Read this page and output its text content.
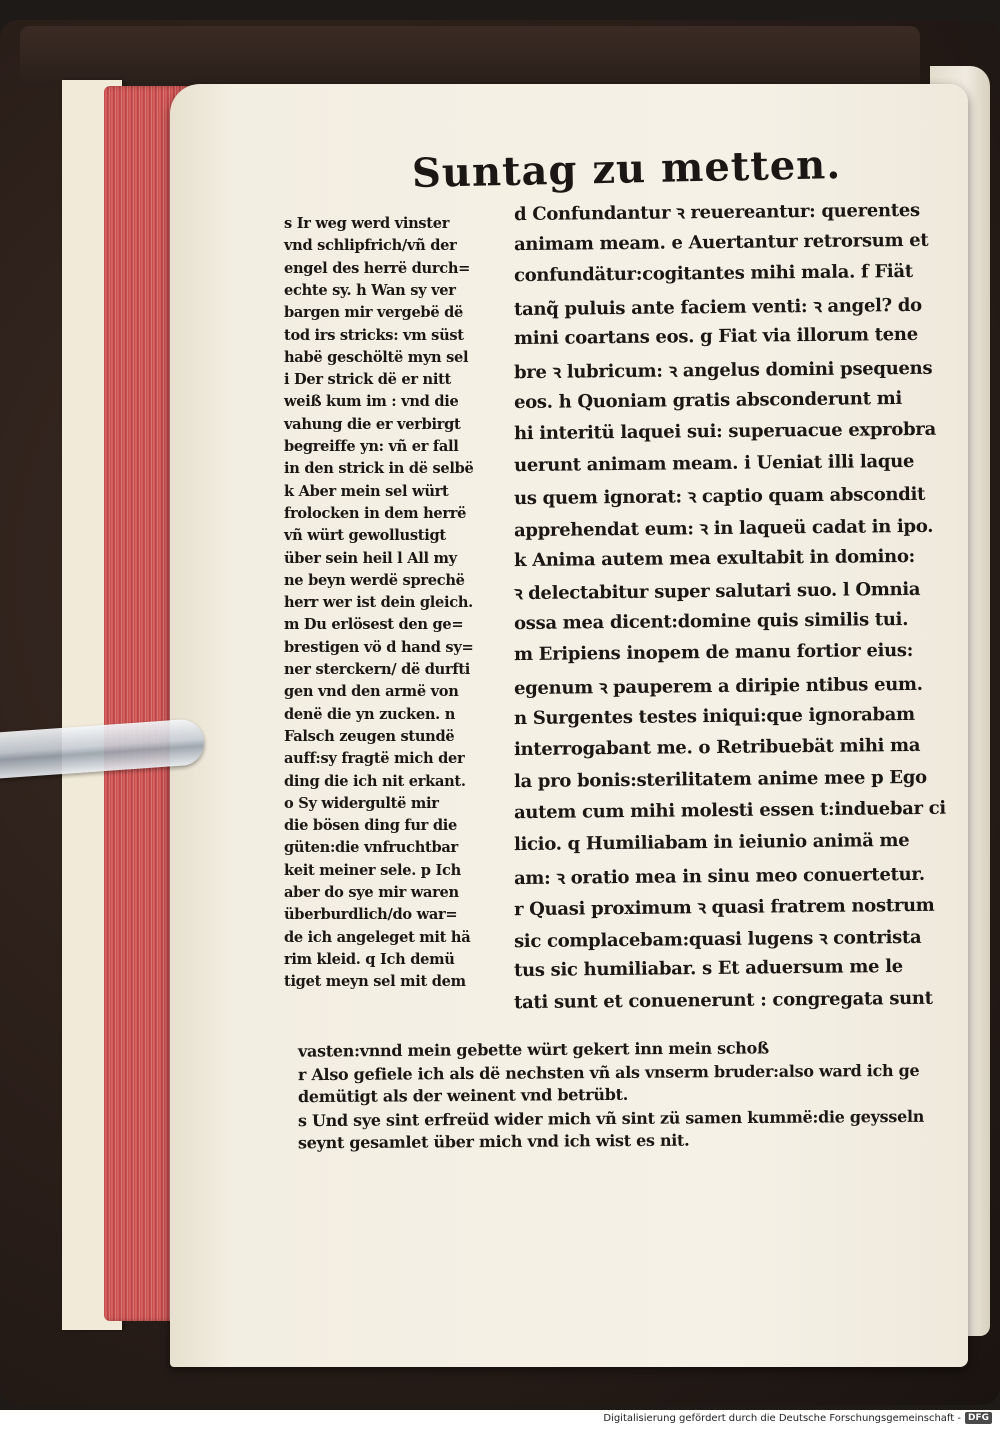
Suntag zu metten.
s Ir weg werd vinster
vnd schlipfrich/vñ der
engel des herrë durch=
echte sy. h Wan sy ver
bargen mir vergebë dë
tod irs stricks: vm süst
habë geschöltë myn sel
i Der strick dë er nitt
weiß kum im : vnd die
vahung die er verbirgt
begreiffe yn: vñ er fall
in den strick in dë selbë
k Aber mein sel würt
frolocken in dem herrë
vñ würt gewollustigt
über sein heil l All my
ne beyn werdë sprechë
herr wer ist dein gleich.
m Du erlösest den ge=
brestigen vö d hand sy=
ner sterckern/ dë durfti
gen vnd den armë von
denë die yn zucken. n
Falsch zeugen stundë
auff:sy fragtë mich der
ding die ich nit erkant.
o Sy widergultë mir
die bösen ding fur die
güten:die vnfruchtbar
keit meiner sele. p Ich
aber do sye mir waren
überburdlich/do war=
de ich angeleget mit hä
rim kleid. q Ich demü
tiget meyn sel mit dem
d Confundantur ꝛ reuereantur: querentes
animam meam. e Auertantur retrorsum et
confundätur:cogitantes mihi mala. f Fiät
tanq̃ puluis ante faciem venti: ꝛ angel? do
mini coartans eos. g Fiat via illorum tene
bre ꝛ lubricum: ꝛ angelus domini psequens
eos. h Quoniam gratis absconderunt mi
hi interitü laquei sui: superuacue exprobra
uerunt animam meam. i Ueniat illi laque
us quem ignorat: ꝛ captio quam abscondit
apprehendat eum: ꝛ in laqueü cadat in ipo.
k Anima autem mea exultabit in domino:
ꝛ delectabitur super salutari suo. l Omnia
ossa mea dicent:domine quis similis tui.
m Eripiens inopem de manu fortior eius:
egenum ꝛ pauperem a diripie ntibus eum.
n Surgentes testes iniqui:que ignorabam
interrogabant me. o Retribuebät mihi ma
la pro bonis:sterilitatem anime mee p Ego
autem cum mihi molesti essen t:induebar ci
licio. q Humiliabam in ieiunio animä me
am: ꝛ oratio mea in sinu meo conuertetur.
r Quasi proximum ꝛ quasi fratrem nostrum
sic complacebam:quasi lugens ꝛ contrista
tus sic humiliabar. s Et aduersum me le
tati sunt et conuenerunt : congregata sunt
vasten:vnnd mein gebette würt gekert inn mein schoß
r Also gefiele ich als dë nechsten vñ als vnserm bruder:also ward ich ge
demütigt als der weinent vnd betrübt.
s Und sye sint erfreüd wider mich vñ sint zü samen kummë:die geysseln
seynt gesamlet über mich vnd ich wist es nit.
Digitalisierung gefördert durch die Deutsche Forschungsgemeinschaft - DFG
